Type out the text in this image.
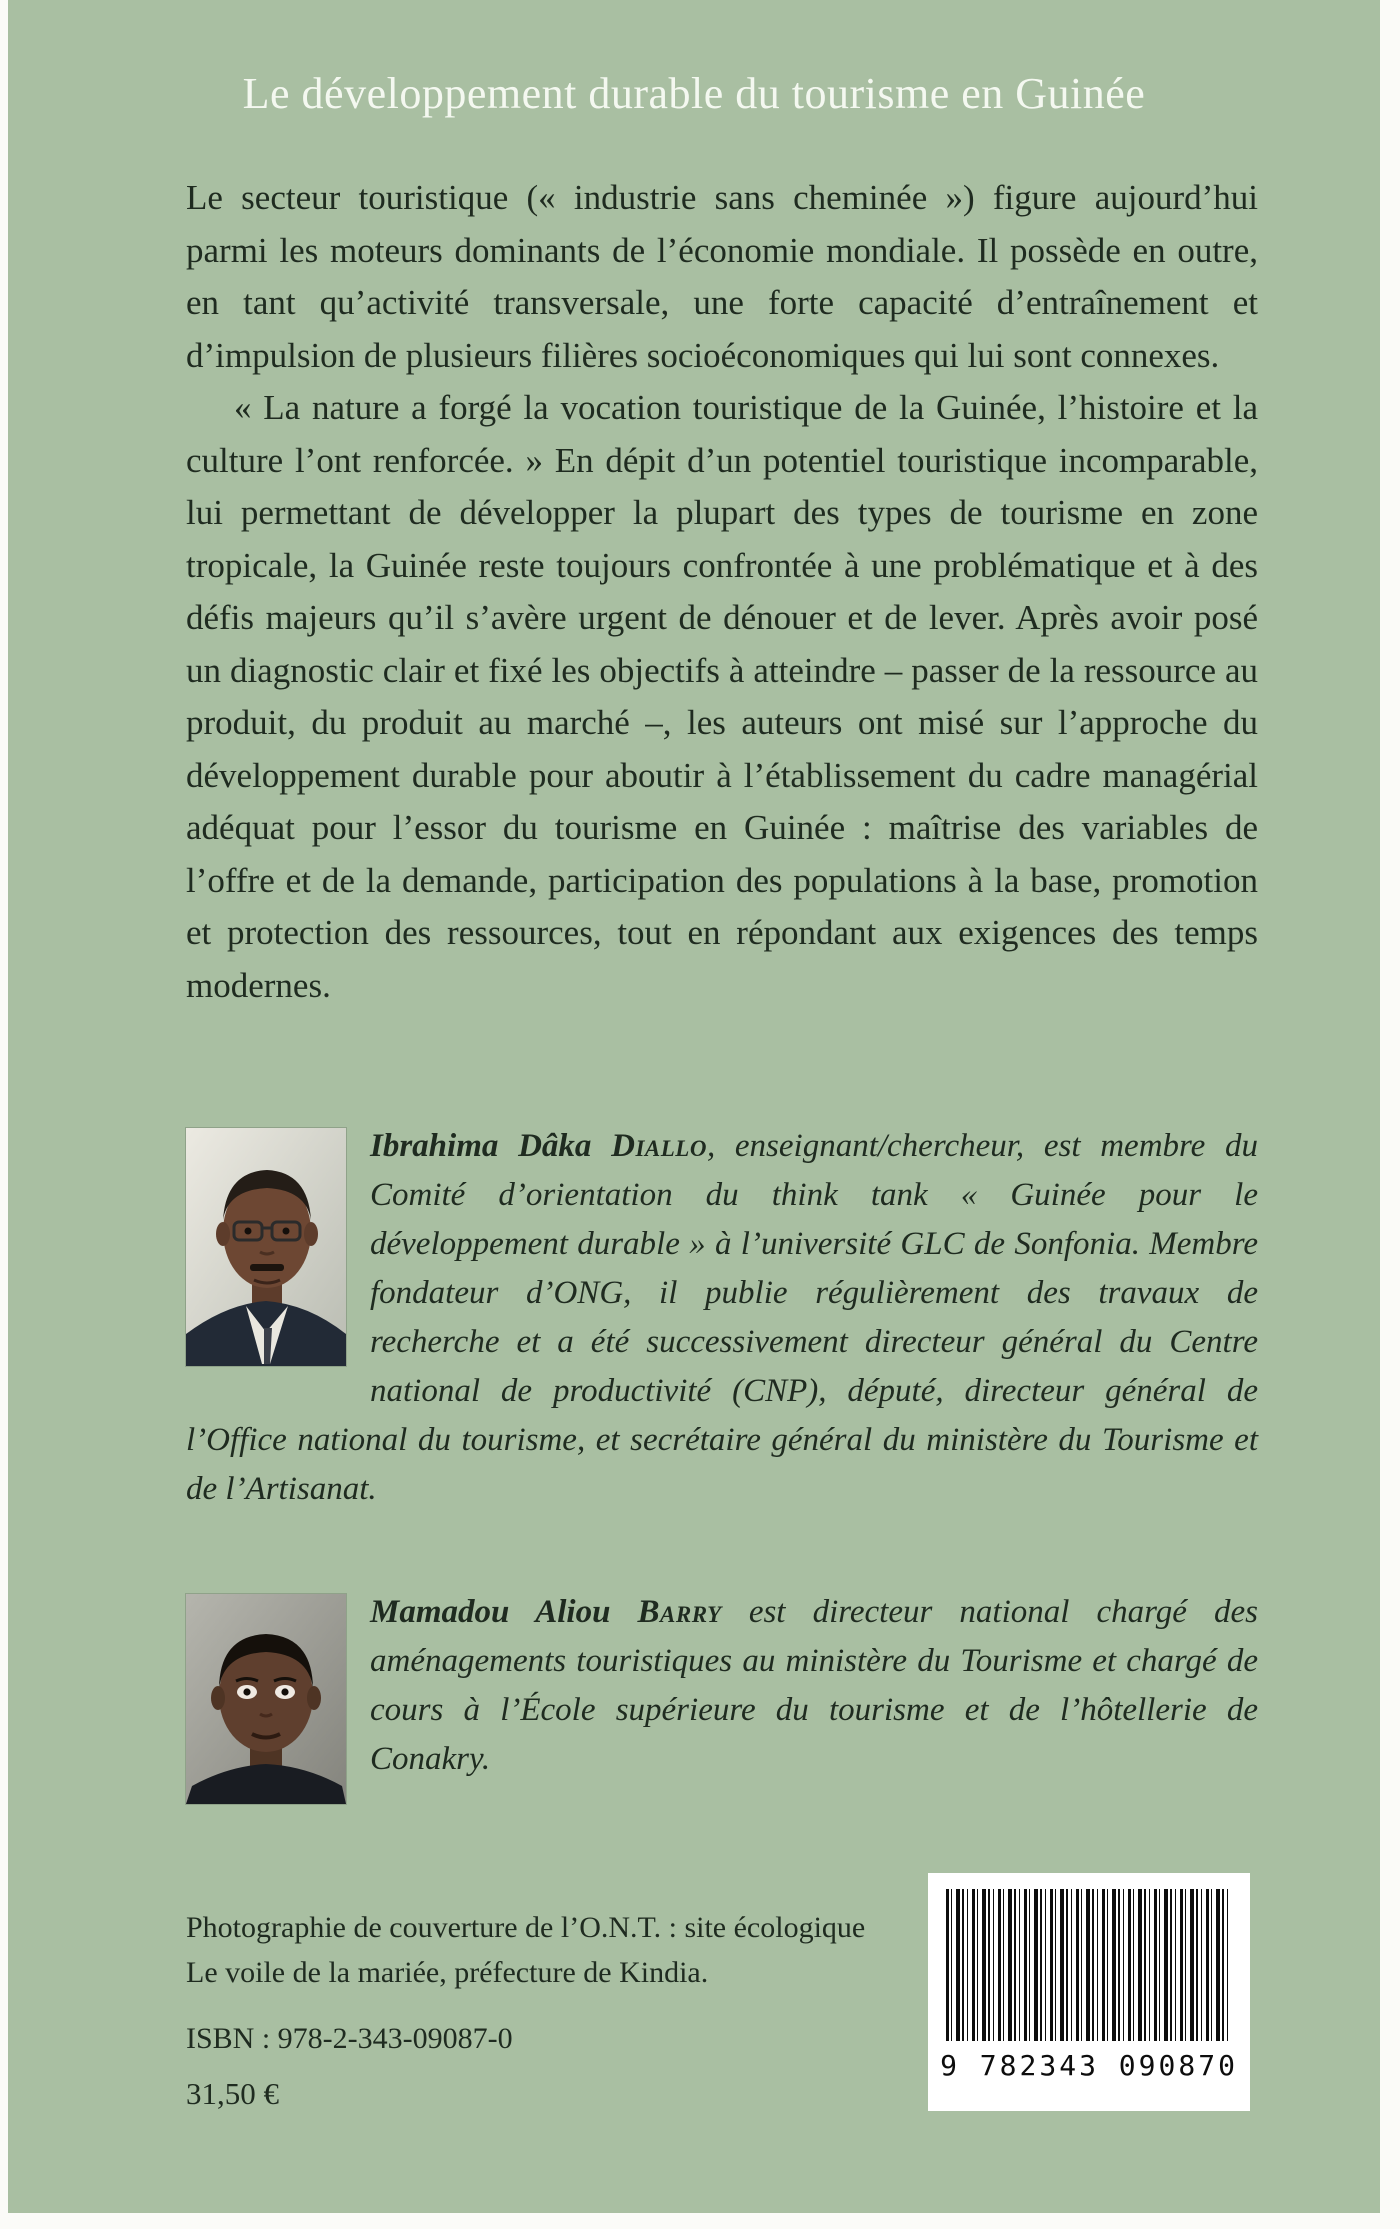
Le développement durable du tourisme en Guinée

Le secteur touristique (« industrie sans cheminée ») figure aujourd’hui parmi les moteurs dominants de l’économie mondiale. Il possède en outre, en tant qu’activité transversale, une forte capacité d’entraînement et d’impulsion de plusieurs filières socioéconomiques qui lui sont connexes.

« La nature a forgé la vocation touristique de la Guinée, l’histoire et la culture l’ont renforcée. » En dépit d’un potentiel touristique incomparable, lui permettant de développer la plupart des types de tourisme en zone tropicale, la Guinée reste toujours confrontée à une problématique et à des défis majeurs qu’il s’avère urgent de dénouer et de lever. Après avoir posé un diagnostic clair et fixé les objectifs à atteindre – passer de la ressource au produit, du produit au marché –, les auteurs ont misé sur l’approche du développement durable pour aboutir à l’établissement du cadre managérial adéquat pour l’essor du tourisme en Guinée : maîtrise des variables de l’offre et de la demande, participation des populations à la base, promotion et protection des ressources, tout en répondant aux exigences des temps modernes.

Ibrahima Dâka Diallo, enseignant/chercheur, est membre du Comité d’orientation du think tank « Guinée pour le développement durable » à l’université GLC de Sonfonia. Membre fondateur d’ONG, il publie régulièrement des travaux de recherche et a été successivement directeur général du Centre national de productivité (CNP), député, directeur général de l’Office national du tourisme, et secrétaire général du ministère du Tourisme et de l’Artisanat.

Mamadou Aliou Barry est directeur national chargé des aménagements touristiques au ministère du Tourisme et chargé de cours à l’École supérieure du tourisme et de l’hôtellerie de Conakry.

Photographie de couverture de l’O.N.T. : site écologique
Le voile de la mariée, préfecture de Kindia.
ISBN : 978-2-343-09087-0
31,50 €
9 782343 090870
